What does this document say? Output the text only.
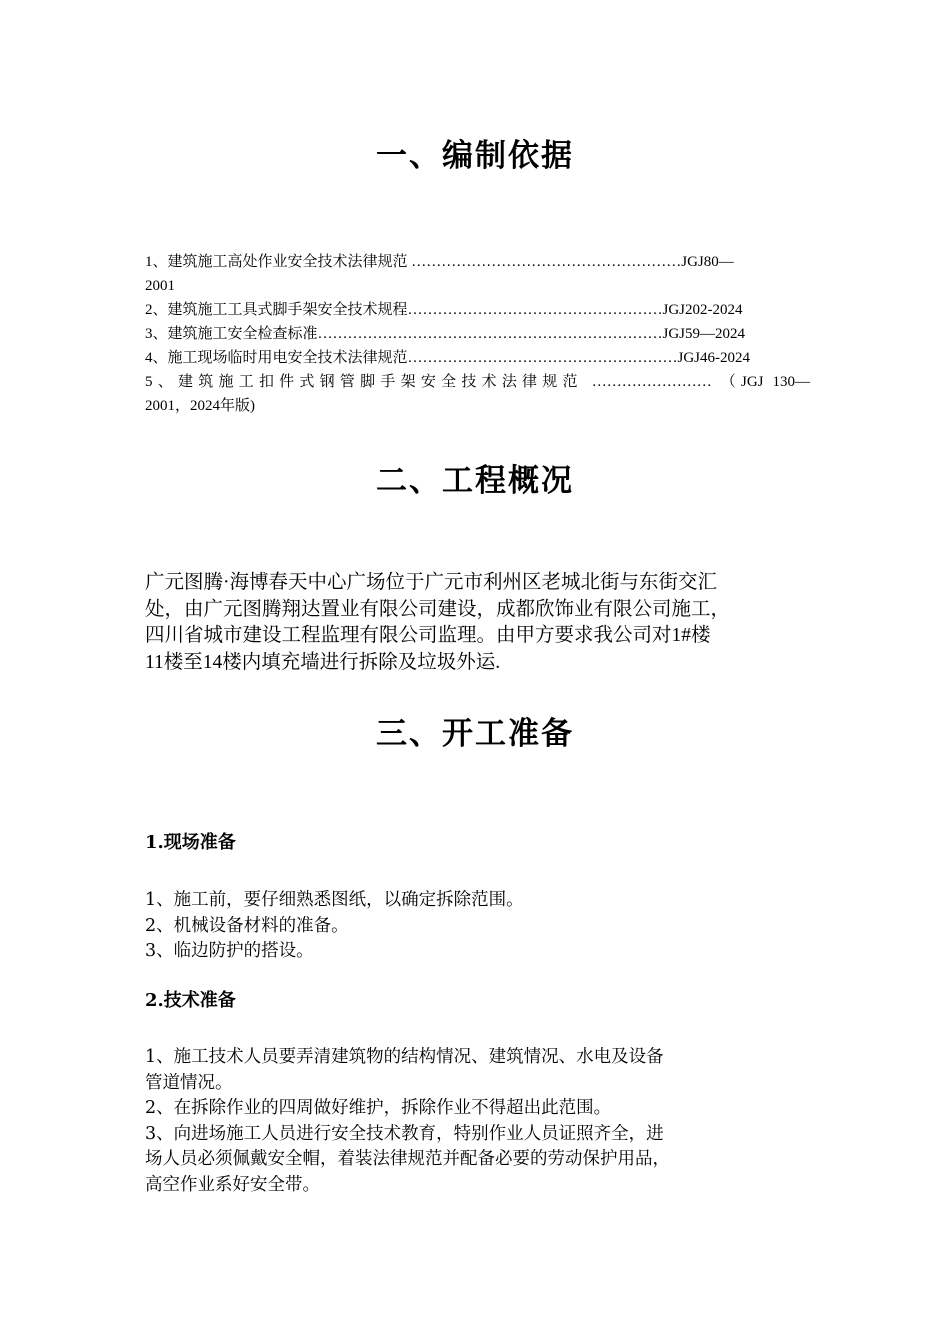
一、编制依据
1、建筑施工高处作业安全技术法律规范 ………………………………………………JGJ80—
2001
2、建筑施工工具式脚手架安全技术规程……………………………………………JGJ202-2024
3、建筑施工安全检查标准……………………………………………………………JGJ59—2024
4、施工现场临时用电安全技术法律规范………………………………………………JGJ46-2024
5、建筑施工扣件式钢管脚手架安全技术法律规范 …………………… （JGJ 130—
2001，2024年版)
二、工程概况
广元图腾·海博春天中心广场位于广元市利州区老城北街与东街交汇
处，由广元图腾翔达置业有限公司建设，成都欣饰业有限公司施工，
四川省城市建设工程监理有限公司监理。由甲方要求我公司对1#楼
11楼至14楼内填充墙进行拆除及垃圾外运.
三、开工准备
1.现场准备
1、施工前，要仔细熟悉图纸，以确定拆除范围。
2、机械设备材料的准备。
3、临边防护的搭设。
2.技术准备
1、施工技术人员要弄清建筑物的结构情况、建筑情况、水电及设备
管道情况。
2、在拆除作业的四周做好维护，拆除作业不得超出此范围。
3、向进场施工人员进行安全技术教育，特别作业人员证照齐全，进
场人员必须佩戴安全帽，着装法律规范并配备必要的劳动保护用品，
高空作业系好安全带。
